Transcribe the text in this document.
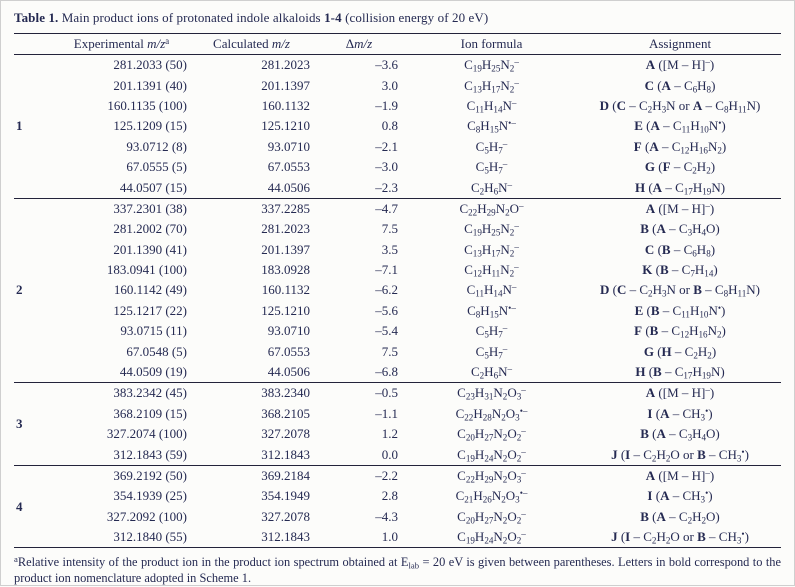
Table 1. Main product ions of protonated indole alkaloids 1-4 (collision energy of 20 eV)
	Experimental $m/z^a$	Calculated m/z	Δm/z	Ion formula	Assignment
1	281.2033 (50)	281.2023	–3.6	$C_{19}H_{25}N_2^-$	A ([M – H]–)
	201.1391 (40)	201.1397	3.0	$C_{13}H_{17}N_2^-$	C $(A - C_6H_8)$
	160.1135 (100)	160.1132	–1.9	$C_{11}H_{14}N^-$	D ($C - C_2H_3N$ or A – $C_8H_{11}N$)
	125.1209 (15)	125.1210	0.8	$C_8H_{15}N^{•-}$	E $(A - C_{11}H_{10}N^•)$
	93.0712 (8)	93.0710	–2.1	$C_5H_7^-$	F $(A - C_{12}H_{16}N_2)$
	67.0555 (5)	67.0553	–3.0	$C_5H_7^-$	G $(F - C_2H_2)$
	44.0507 (15)	44.0506	–2.3	$C_2H_6N^-$	H $(A - C_{17}H_{19}N)$
2	337.2301 (38)	337.2285	–4.7	$C_{22}H_{29}N_2O^-$	A ([M – H]–)
	281.2002 (70)	281.2023	7.5	$C_{19}H_{25}N_2^-$	B $(A - C_3H_4O)$
	201.1390 (41)	201.1397	3.5	$C_{13}H_{17}N_2^-$	C $(B - C_6H_8)$
	183.0941 (100)	183.0928	–7.1	$C_{12}H_{11}N_2^-$	K $(B - C_7H_{14})$
	160.1142 (49)	160.1132	–6.2	$C_{11}H_{14}N^-$	D ($C - C_2H_3N$ or B – $C_8H_{11}N$)
	125.1217 (22)	125.1210	–5.6	$C_8H_{15}N^{•-}$	E $(B - C_{11}H_{10}N^•)$
	93.0715 (11)	93.0710	–5.4	$C_5H_7^-$	F $(B - C_{12}H_{16}N_2)$
	67.0548 (5)	67.0553	7.5	$C_5H_7^-$	G $(H - C_2H_2)$
	44.0509 (19)	44.0506	–6.8	$C_2H_6N^-$	H $(B - C_{17}H_{19}N)$
3	383.2342 (45)	383.2340	–0.5	$C_{23}H_{31}N_2O_3^-$	A ([M – H]–)
	368.2109 (15)	368.2105	–1.1	$C_{22}H_{28}N_2O_3^{•-}$	I $(A - CH_3^•)$
	327.2074 (100)	327.2078	1.2	$C_{20}H_{27}N_2O_2^-$	B $(A - C_3H_4O)$
	312.1843 (59)	312.1843	0.0	$C_{19}H_{24}N_2O_2^-$	J ($I - C_2H_2O$ or B – $CH_3^•$)
4	369.2192 (50)	369.2184	–2.2	$C_{22}H_{29}N_2O_3^-$	A ([M – H]–)
	354.1939 (25)	354.1949	2.8	$C_{21}H_{26}N_2O_3^{•-}$	I $(A - CH_3^•)$
	327.2092 (100)	327.2078	–4.3	$C_{20}H_{27}N_2O_2^-$	B $(A - C_2H_2O)$
	312.1840 (55)	312.1843	1.0	$C_{19}H_{24}N_2O_2^-$	J ($I - C_2H_2O$ or B – $CH_3^•$)
$^a$Relative intensity of the product ion in the product ion spectrum obtained at $E_{lab} = 20$ eV is given between parentheses. Letters in bold correspond to the product ion nomenclature adopted in Scheme 1.
